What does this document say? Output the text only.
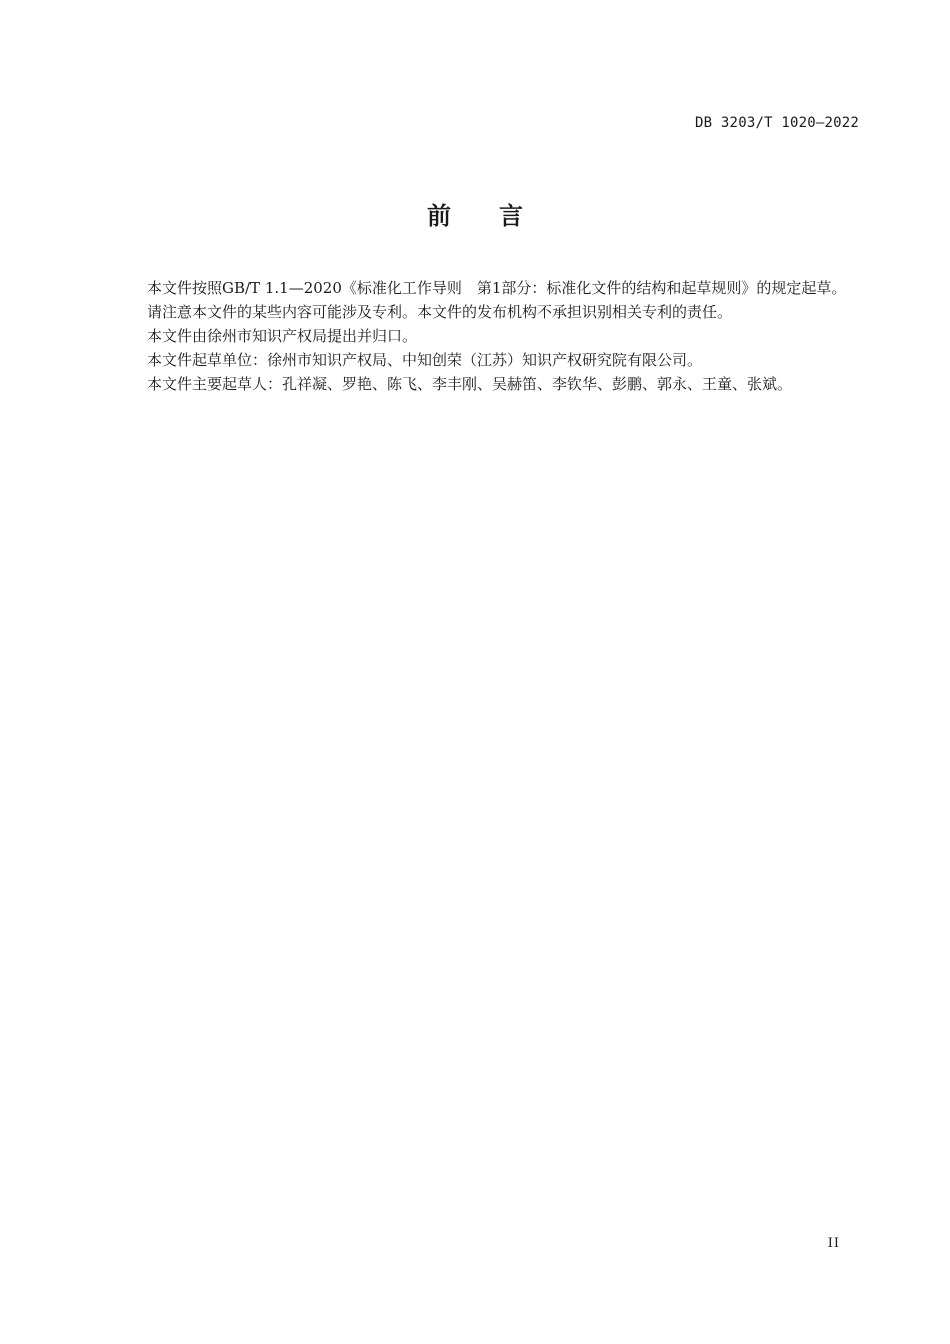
DB 3203/T 1020—2022
前言

本文件按照GB/T 1.1—2020《标准化工作导则　第1部分：标准化文件的结构和起草规则》的规定起草。

请注意本文件的某些内容可能涉及专利。本文件的发布机构不承担识别相关专利的责任。

本文件由徐州市知识产权局提出并归口。

本文件起草单位：徐州市知识产权局、中知创荣（江苏）知识产权研究院有限公司。

本文件主要起草人：孔祥凝、罗艳、陈飞、李丰刚、吴赫笛、李钦华、彭鹏、郭永、王童、张斌。

II
